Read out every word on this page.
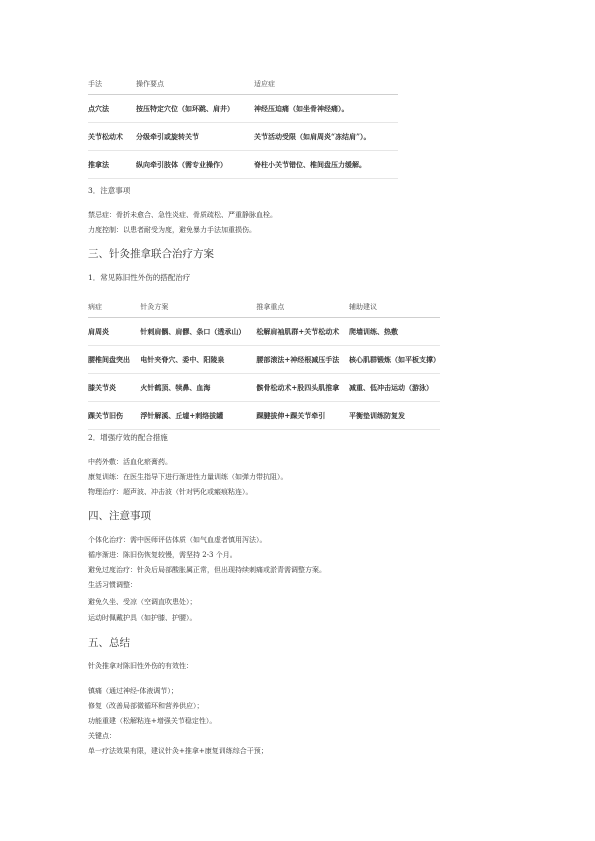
手法	操作要点	适应症
点穴法	按压特定穴位（如环跳、肩井）	神经压迫痛（如坐骨神经痛）。
关节松动术	分级牵引或旋转关节	关节活动受限（如肩周炎“冻结肩”）。
推拿法	纵向牵引肢体（需专业操作）	脊柱小关节错位、椎间盘压力缓解。
3．注意事项
禁忌症：骨折未愈合、急性炎症、骨质疏松、严重静脉血栓。
力度控制：以患者耐受为度，避免暴力手法加重损伤。
三、针灸推拿联合治疗方案
1．常见陈旧性外伤的搭配治疗
病症	针灸方案	推拿重点	辅助建议
肩周炎	针刺肩髃、肩髎、条口（透承山）	松解肩袖肌群+关节松动术	爬墙训练、热敷
腰椎间盘突出	电针夹脊穴、委中、阳陵泉	腰部滚法+神经根减压手法	核心肌群锻炼（如平板支撑）
膝关节炎	火针鹤顶、犊鼻、血海	髌骨松动术+股四头肌推拿	减重、低冲击运动（游泳）
踝关节旧伤	浮针解溪、丘墟+刺络拔罐	踝腱拔伸+踝关节牵引	平衡垫训练防复发
2．增强疗效的配合措施
中药外敷：活血化瘀膏药。
康复训练：在医生指导下进行渐进性力量训练（如弹力带抗阻）。
物理治疗：超声波、冲击波（针对钙化或瘢痕粘连）。
四、注意事项
个体化治疗：需中医师评估体质（如气血虚者慎用泻法）。
循序渐进：陈旧伤恢复较慢，需坚持 2-3 个月。
避免过度治疗：针灸后局部酸胀属正常，但出现持续刺痛或淤青需调整方案。
生活习惯调整：
避免久坐、受凉（空调直吹患处）；
运动时佩戴护具（如护膝、护腰）。
五、总结
针灸推拿对陈旧性外伤的有效性：
镇痛（通过神经-体液调节）；
修复（改善局部微循环和营养供应）；
功能重建（松解粘连+增强关节稳定性）。
关键点：
单一疗法效果有限，建议针灸+推拿+康复训练综合干预；
